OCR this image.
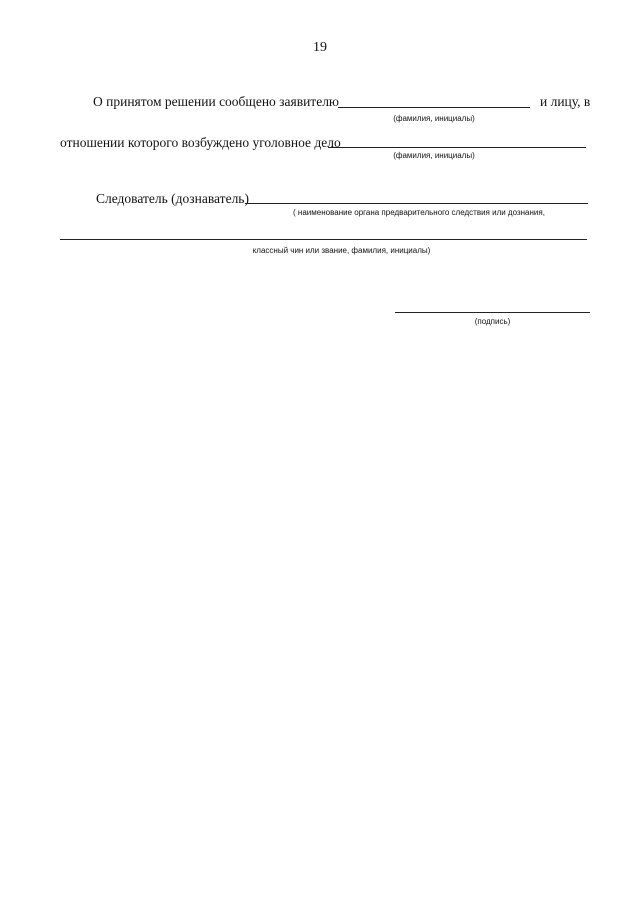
19
О принятом решении сообщено заявителю	и лицу, в
(фамилия, инициалы)
отношении которого возбуждено уголовное дело
(фамилия, инициалы)
Следователь (дознаватель)
( наименование органа предварительного следствия или дознания,
классный чин или звание, фамилия, инициалы)
(подпись)
